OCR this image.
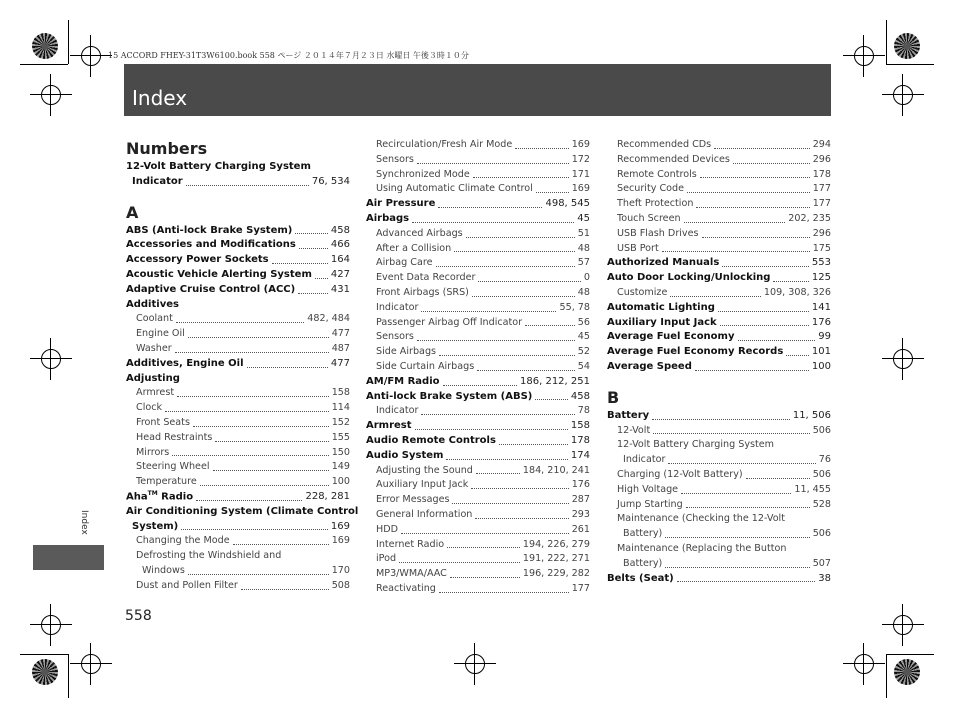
15 ACCORD FHEY-31T3W6100.book 558 ページ ２０１４年７月２３日 水曜日 午後３時１０分
Index
Index
558
Numbers
12-Volt Battery Charging System
Indicator	76, 534
A
ABS (Anti-lock Brake System)	458
Accessories and Modifications	466
Accessory Power Sockets	164
Acoustic Vehicle Alerting System 427
Adaptive Cruise Control (ACC)	431
Additives
Coolant	482, 484
Engine Oil	477
Washer	487
Additives, Engine Oil	477
Adjusting
Armrest	158
Clock	114
Front Seats	152
Head Restraints	155
Mirrors	150
Steering Wheel	149
Temperature	100
Aha™ Radio	228, 281
Air Conditioning System (Climate Control
System)	169
Changing the Mode	169
Defrosting the Windshield and
Windows	170
Dust and Pollen Filter	508
Recirculation/Fresh Air Mode	169
Sensors	172
Synchronized Mode	171
Using Automatic Climate Control	169
Air Pressure	498, 545
Airbags	45
Advanced Airbags	51
After a Collision	48
Airbag Care	57
Event Data Recorder	0
Front Airbags (SRS)	48
Indicator	55, 78
Passenger Airbag Off Indicator	56
Sensors	45
Side Airbags	52
Side Curtain Airbags	54
AM/FM Radio	186, 212, 251
Anti-lock Brake System (ABS)	458
Indicator	78
Armrest	158
Audio Remote Controls	178
Audio System	174
Adjusting the Sound	184, 210, 241
Auxiliary Input Jack	176
Error Messages	287
General Information	293
HDD	261
Internet Radio	194, 226, 279
iPod	191, 222, 271
MP3/WMA/AAC	196, 229, 282
Reactivating	177
Recommended CDs	294
Recommended Devices	296
Remote Controls	178
Security Code	177
Theft Protection	177
Touch Screen	202, 235
USB Flash Drives	296
USB Port	175
Authorized Manuals	553
Auto Door Locking/Unlocking	125
Customize	109, 308, 326
Automatic Lighting	141
Auxiliary Input Jack	176
Average Fuel Economy	99
Average Fuel Economy Records	101
Average Speed	100
B
Battery	11, 506
12-Volt	506
12-Volt Battery Charging System
Indicator	76
Charging (12-Volt Battery)	506
High Voltage	11, 455
Jump Starting	528
Maintenance (Checking the 12-Volt
Battery)	506
Maintenance (Replacing the Button
Battery)	507
Belts (Seat)	38
